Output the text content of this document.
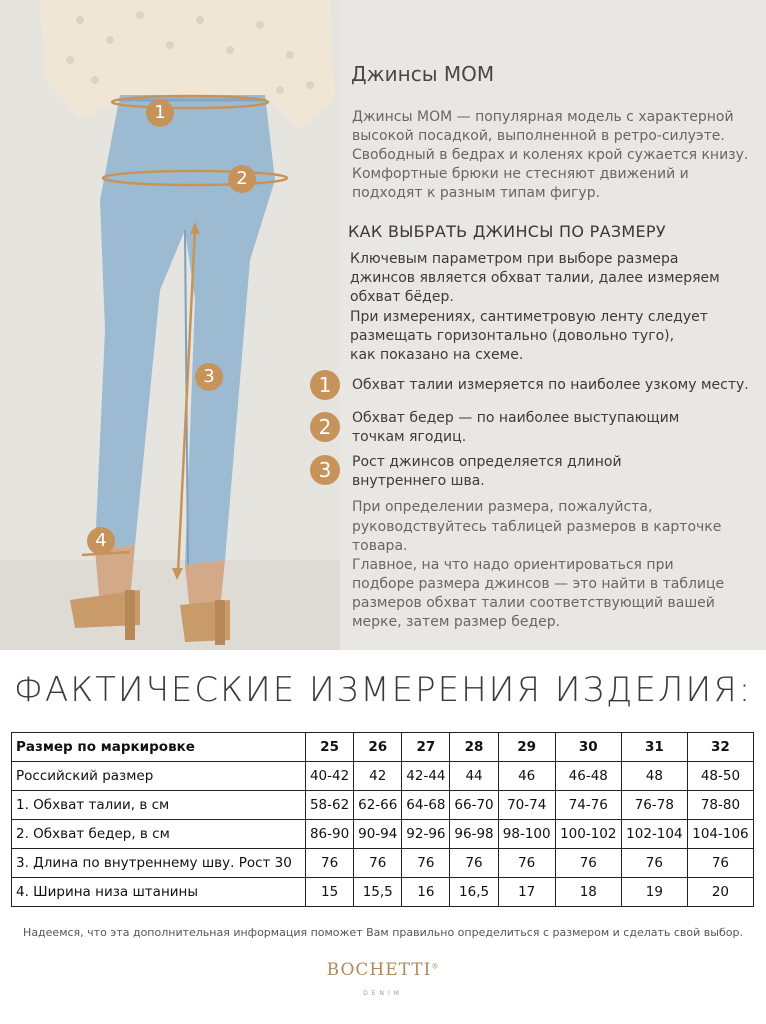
1
2
3
4
Джинсы MOM
Джинсы MOM — популярная модель с характерной
высокой посадкой, выполненной в ретро-силуэте.
Свободный в бедрах и коленях крой сужается книзу.
Комфортные брюки не стесняют движений и
подходят к разным типам фигур.
КАК ВЫБРАТЬ ДЖИНСЫ ПО РАЗМЕРУ
Ключевым параметром при выборе размера
джинсов является обхват талии, далее измеряем
обхват бёдер.
При измерениях, сантиметровую ленту следует
размещать горизонтально (довольно туго),
как показано на схеме.
1	Обхват талии измеряется по наиболее узкому месту.
2	Обхват бедер — по наиболее выступающим точкам ягодиц.
3	Рост джинсов определяется длиной внутреннего шва.
При определении размера, пожалуйста,
руководствуйтесь таблицей размеров в карточке
товара.
Главное, на что надо ориентироваться при
подборе размера джинсов — это найти в таблице
размеров обхват талии соответствующий вашей
мерке, затем размер бедер.
ФАКТИЧЕСКИЕ ИЗМЕРЕНИЯ ИЗДЕЛИЯ:
Размер по маркировке	25	26	27	28	29	30	31	32
Российский размер	40-42	42	42-44	44	46	46-48	48	48-50
1. Обхват талии, в см	58-62	62-66	64-68	66-70	70-74	74-76	76-78	78-80
2. Обхват бедер, в см	86-90	90-94	92-96	96-98	98-100	100-102	102-104	104-106
3. Длина по внутреннему шву. Рост 30	76	76	76	76	76	76	76	76
4. Ширина низа штанины	15	15,5	16	16,5	17	18	19	20
Надеемся, что эта дополнительная информация поможет Вам правильно определиться с размером и сделать свой выбор.
BOCHETTI®
DENIM
